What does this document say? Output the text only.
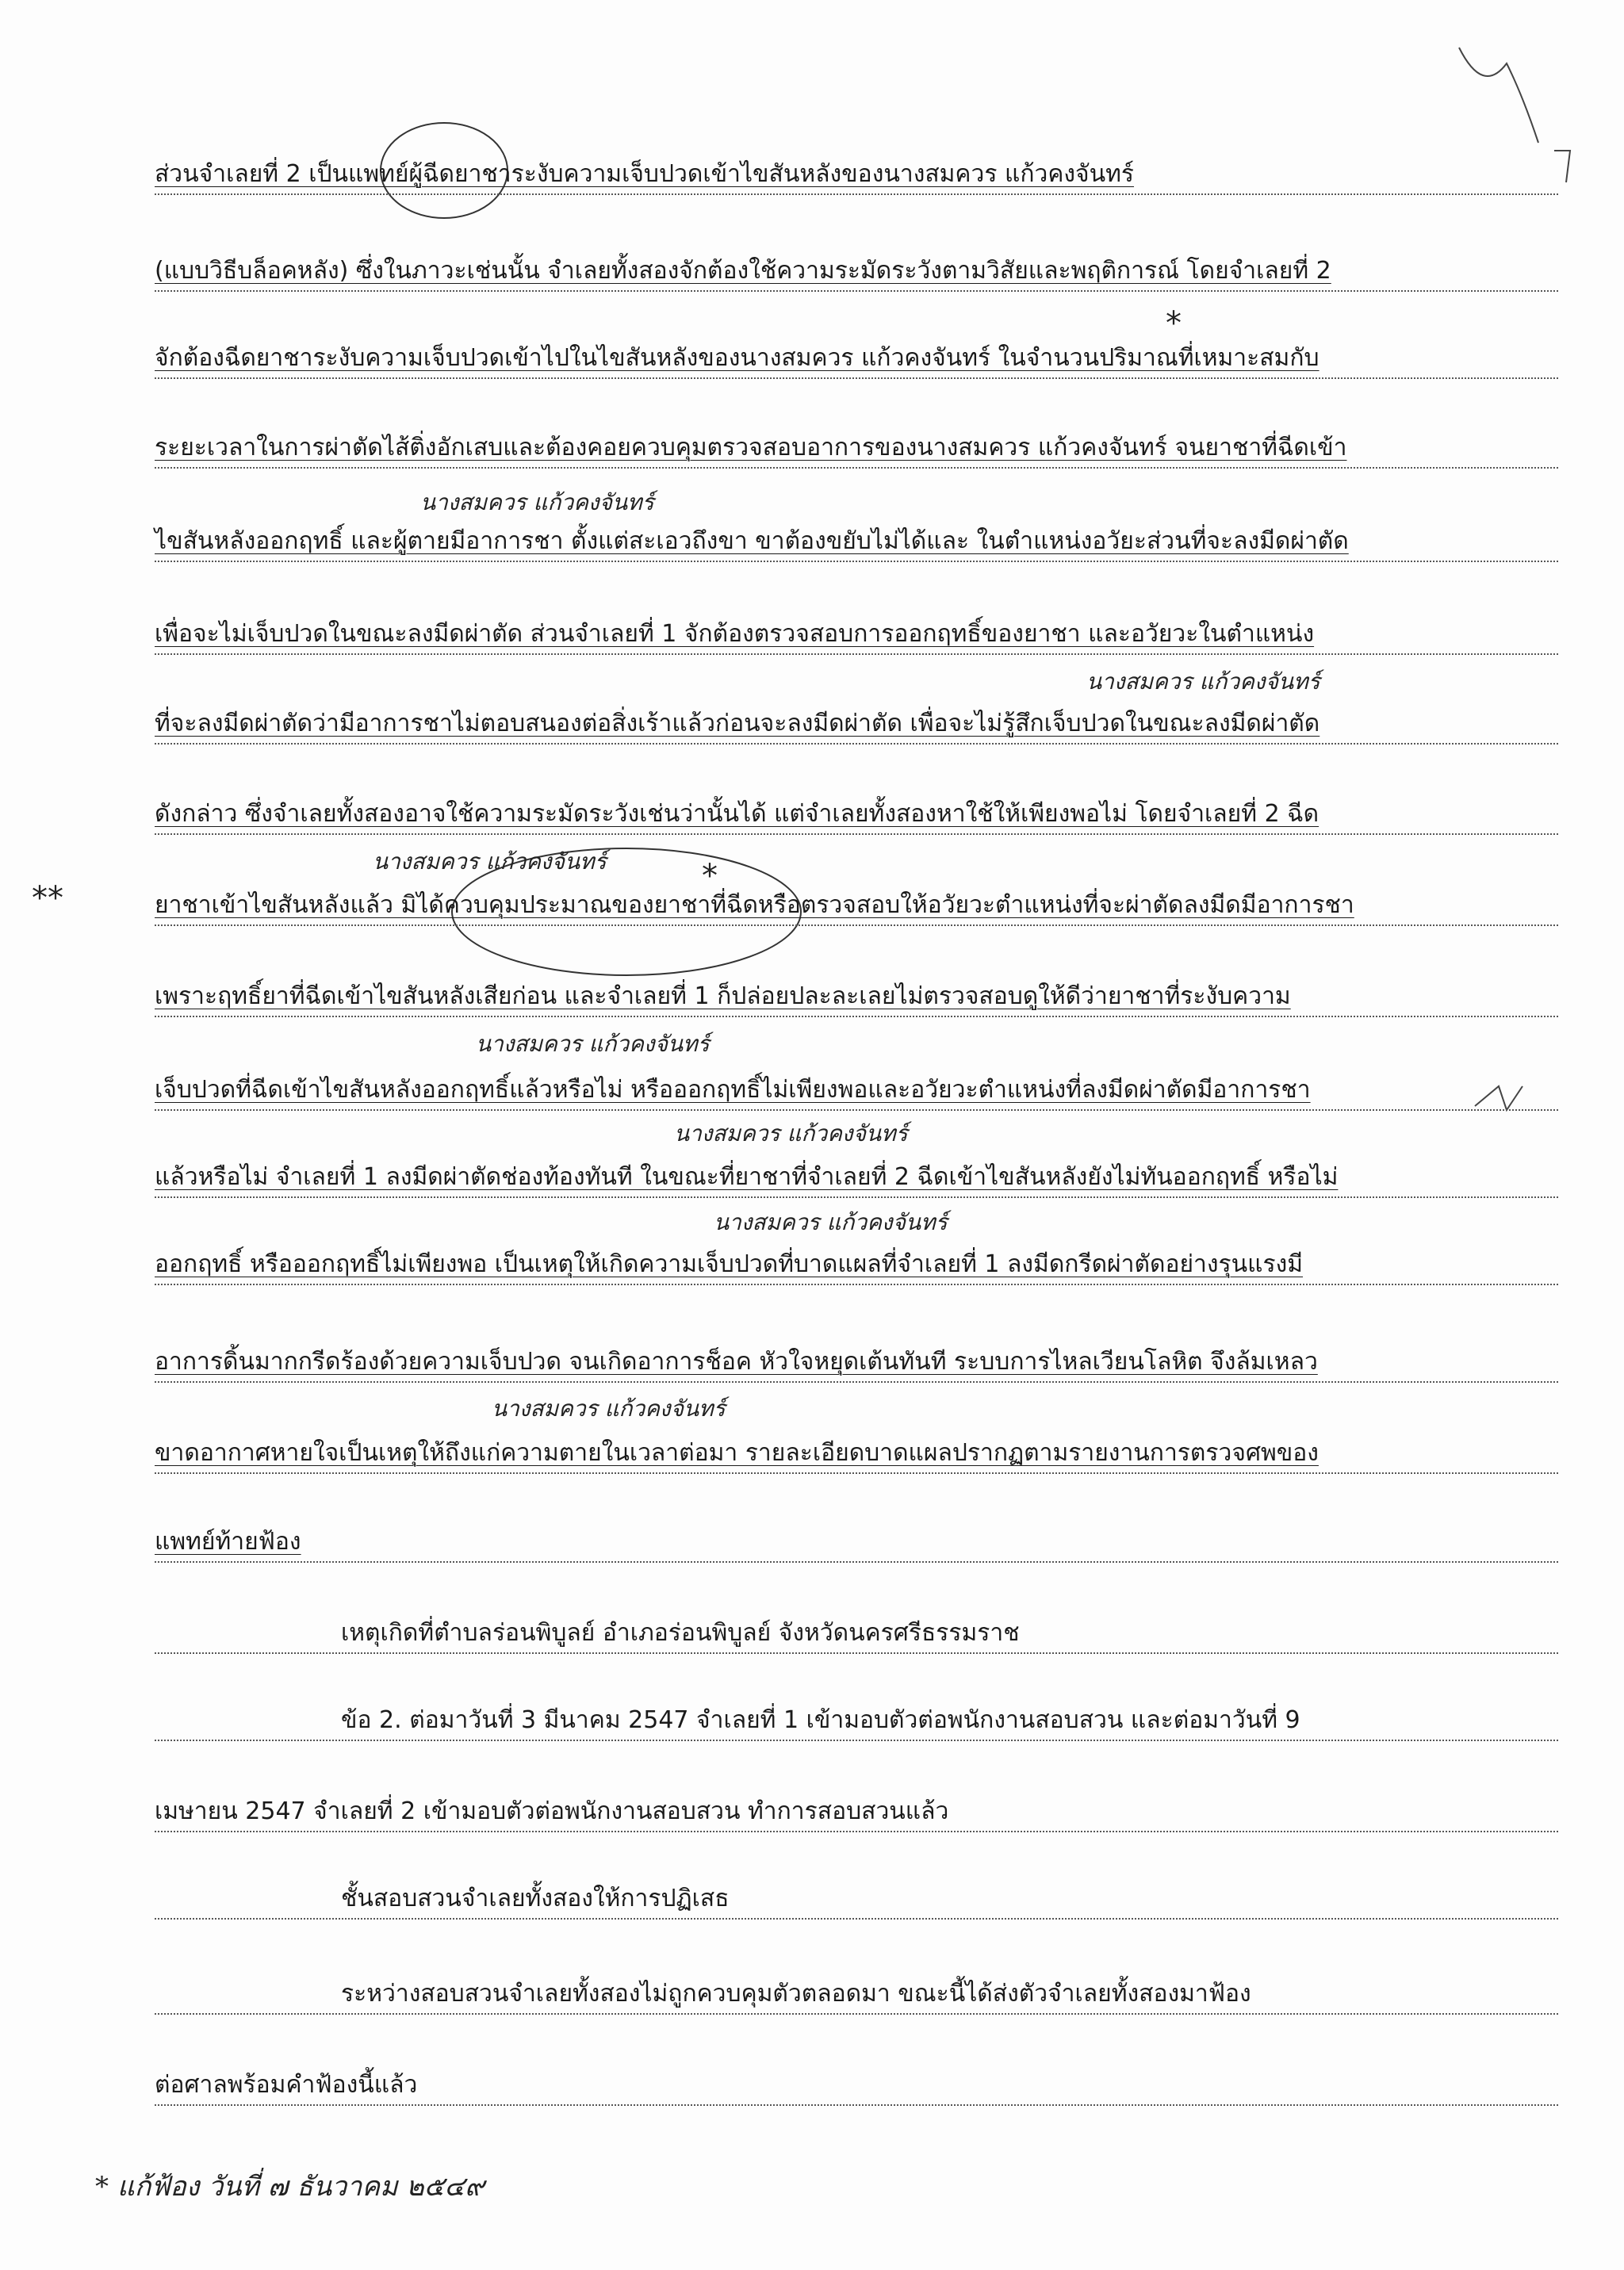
ส่วนจำเลยที่ 2 เป็นแพทย์ผู้ฉีดยาชาระงับความเจ็บปวดเข้าไขสันหลังของนางสมควร แก้วคงจันทร์
(แบบวิธีบล็อคหลัง) ซึ่งในภาวะเช่นนั้น จำเลยทั้งสองจักต้องใช้ความระมัดระวังตามวิสัยและพฤติการณ์ โดยจำเลยที่ 2
จักต้องฉีดยาชาระงับความเจ็บปวดเข้าไปในไขสันหลังของนางสมควร แก้วคงจันทร์ ในจำนวนปริมาณที่เหมาะสมกับ
ระยะเวลาในการผ่าตัดไส้ติ่งอักเสบและต้องคอยควบคุมตรวจสอบอาการของนางสมควร แก้วคงจันทร์ จนยาชาที่ฉีดเข้า
ไขสันหลังออกฤทธิ์ และผู้ตายมีอาการชา ตั้งแต่สะเอวถึงขา ขาต้องขยับไม่ได้และ ในตำแหน่งอวัยะส่วนที่จะลงมีดผ่าตัด
เพื่อจะไม่เจ็บปวดในขณะลงมีดผ่าตัด ส่วนจำเลยที่ 1 จักต้องตรวจสอบการออกฤทธิ์ของยาชา และอวัยวะในตำแหน่ง
ที่จะลงมีดผ่าตัดว่ามีอาการชาไม่ตอบสนองต่อสิ่งเร้าแล้วก่อนจะลงมีดผ่าตัด เพื่อจะไม่รู้สึกเจ็บปวดในขณะลงมีดผ่าตัด
ดังกล่าว ซึ่งจำเลยทั้งสองอาจใช้ความระมัดระวังเช่นว่านั้นได้ แต่จำเลยทั้งสองหาใช้ให้เพียงพอไม่ โดยจำเลยที่ 2 ฉีด
ยาชาเข้าไขสันหลังแล้ว มิได้ควบคุมประมาณของยาชาที่ฉีดหรือตรวจสอบให้อวัยวะตำแหน่งที่จะผ่าตัดลงมีดมีอาการชา
เพราะฤทธิ์ยาที่ฉีดเข้าไขสันหลังเสียก่อน และจำเลยที่ 1 ก็ปล่อยปละละเลยไม่ตรวจสอบดูให้ดีว่ายาชาที่ระงับความ
เจ็บปวดที่ฉีดเข้าไขสันหลังออกฤทธิ์แล้วหรือไม่ หรือออกฤทธิ์ไม่เพียงพอและอวัยวะตำแหน่งที่ลงมีดผ่าตัดมีอาการชา
แล้วหรือไม่ จำเลยที่ 1 ลงมีดผ่าตัดช่องท้องทันที ในขณะที่ยาชาที่จำเลยที่ 2 ฉีดเข้าไขสันหลังยังไม่ทันออกฤทธิ์ หรือไม่
ออกฤทธิ์ หรือออกฤทธิ์ไม่เพียงพอ เป็นเหตุให้เกิดความเจ็บปวดที่บาดแผลที่จำเลยที่ 1 ลงมีดกรีดผ่าตัดอย่างรุนแรงมี
อาการดิ้นมากกรีดร้องด้วยความเจ็บปวด จนเกิดอาการช็อค หัวใจหยุดเต้นทันที ระบบการไหลเวียนโลหิต จึงล้มเหลว
ขาดอากาศหายใจเป็นเหตุให้ถึงแก่ความตายในเวลาต่อมา รายละเอียดบาดแผลปรากฏตามรายงานการตรวจศพของ
แพทย์ท้ายฟ้อง
เหตุเกิดที่ตำบลร่อนพิบูลย์ อำเภอร่อนพิบูลย์ จังหวัดนครศรีธรรมราช
ข้อ 2. ต่อมาวันที่ 3 มีนาคม 2547 จำเลยที่ 1 เข้ามอบตัวต่อพนักงานสอบสวน และต่อมาวันที่ 9
เมษายน 2547 จำเลยที่ 2 เข้ามอบตัวต่อพนักงานสอบสวน ทำการสอบสวนแล้ว
ชั้นสอบสวนจำเลยทั้งสองให้การปฏิเสธ
ระหว่างสอบสวนจำเลยทั้งสองไม่ถูกควบคุมตัวตลอดมา ขณะนี้ได้ส่งตัวจำเลยทั้งสองมาฟ้อง
ต่อศาลพร้อมคำฟ้องนี้แล้ว
นางสมควร แก้วคงจันทร์
นางสมควร แก้วคงจันทร์
นางสมควร แก้วคงจันทร์
นางสมควร แก้วคงจันทร์
นางสมควร แก้วคงจันทร์
นางสมควร แก้วคงจันทร์
นางสมควร แก้วคงจันทร์
**
*
*
* แก้ฟ้อง วันที่ ๗ ธันวาคม ๒๕๔๙
